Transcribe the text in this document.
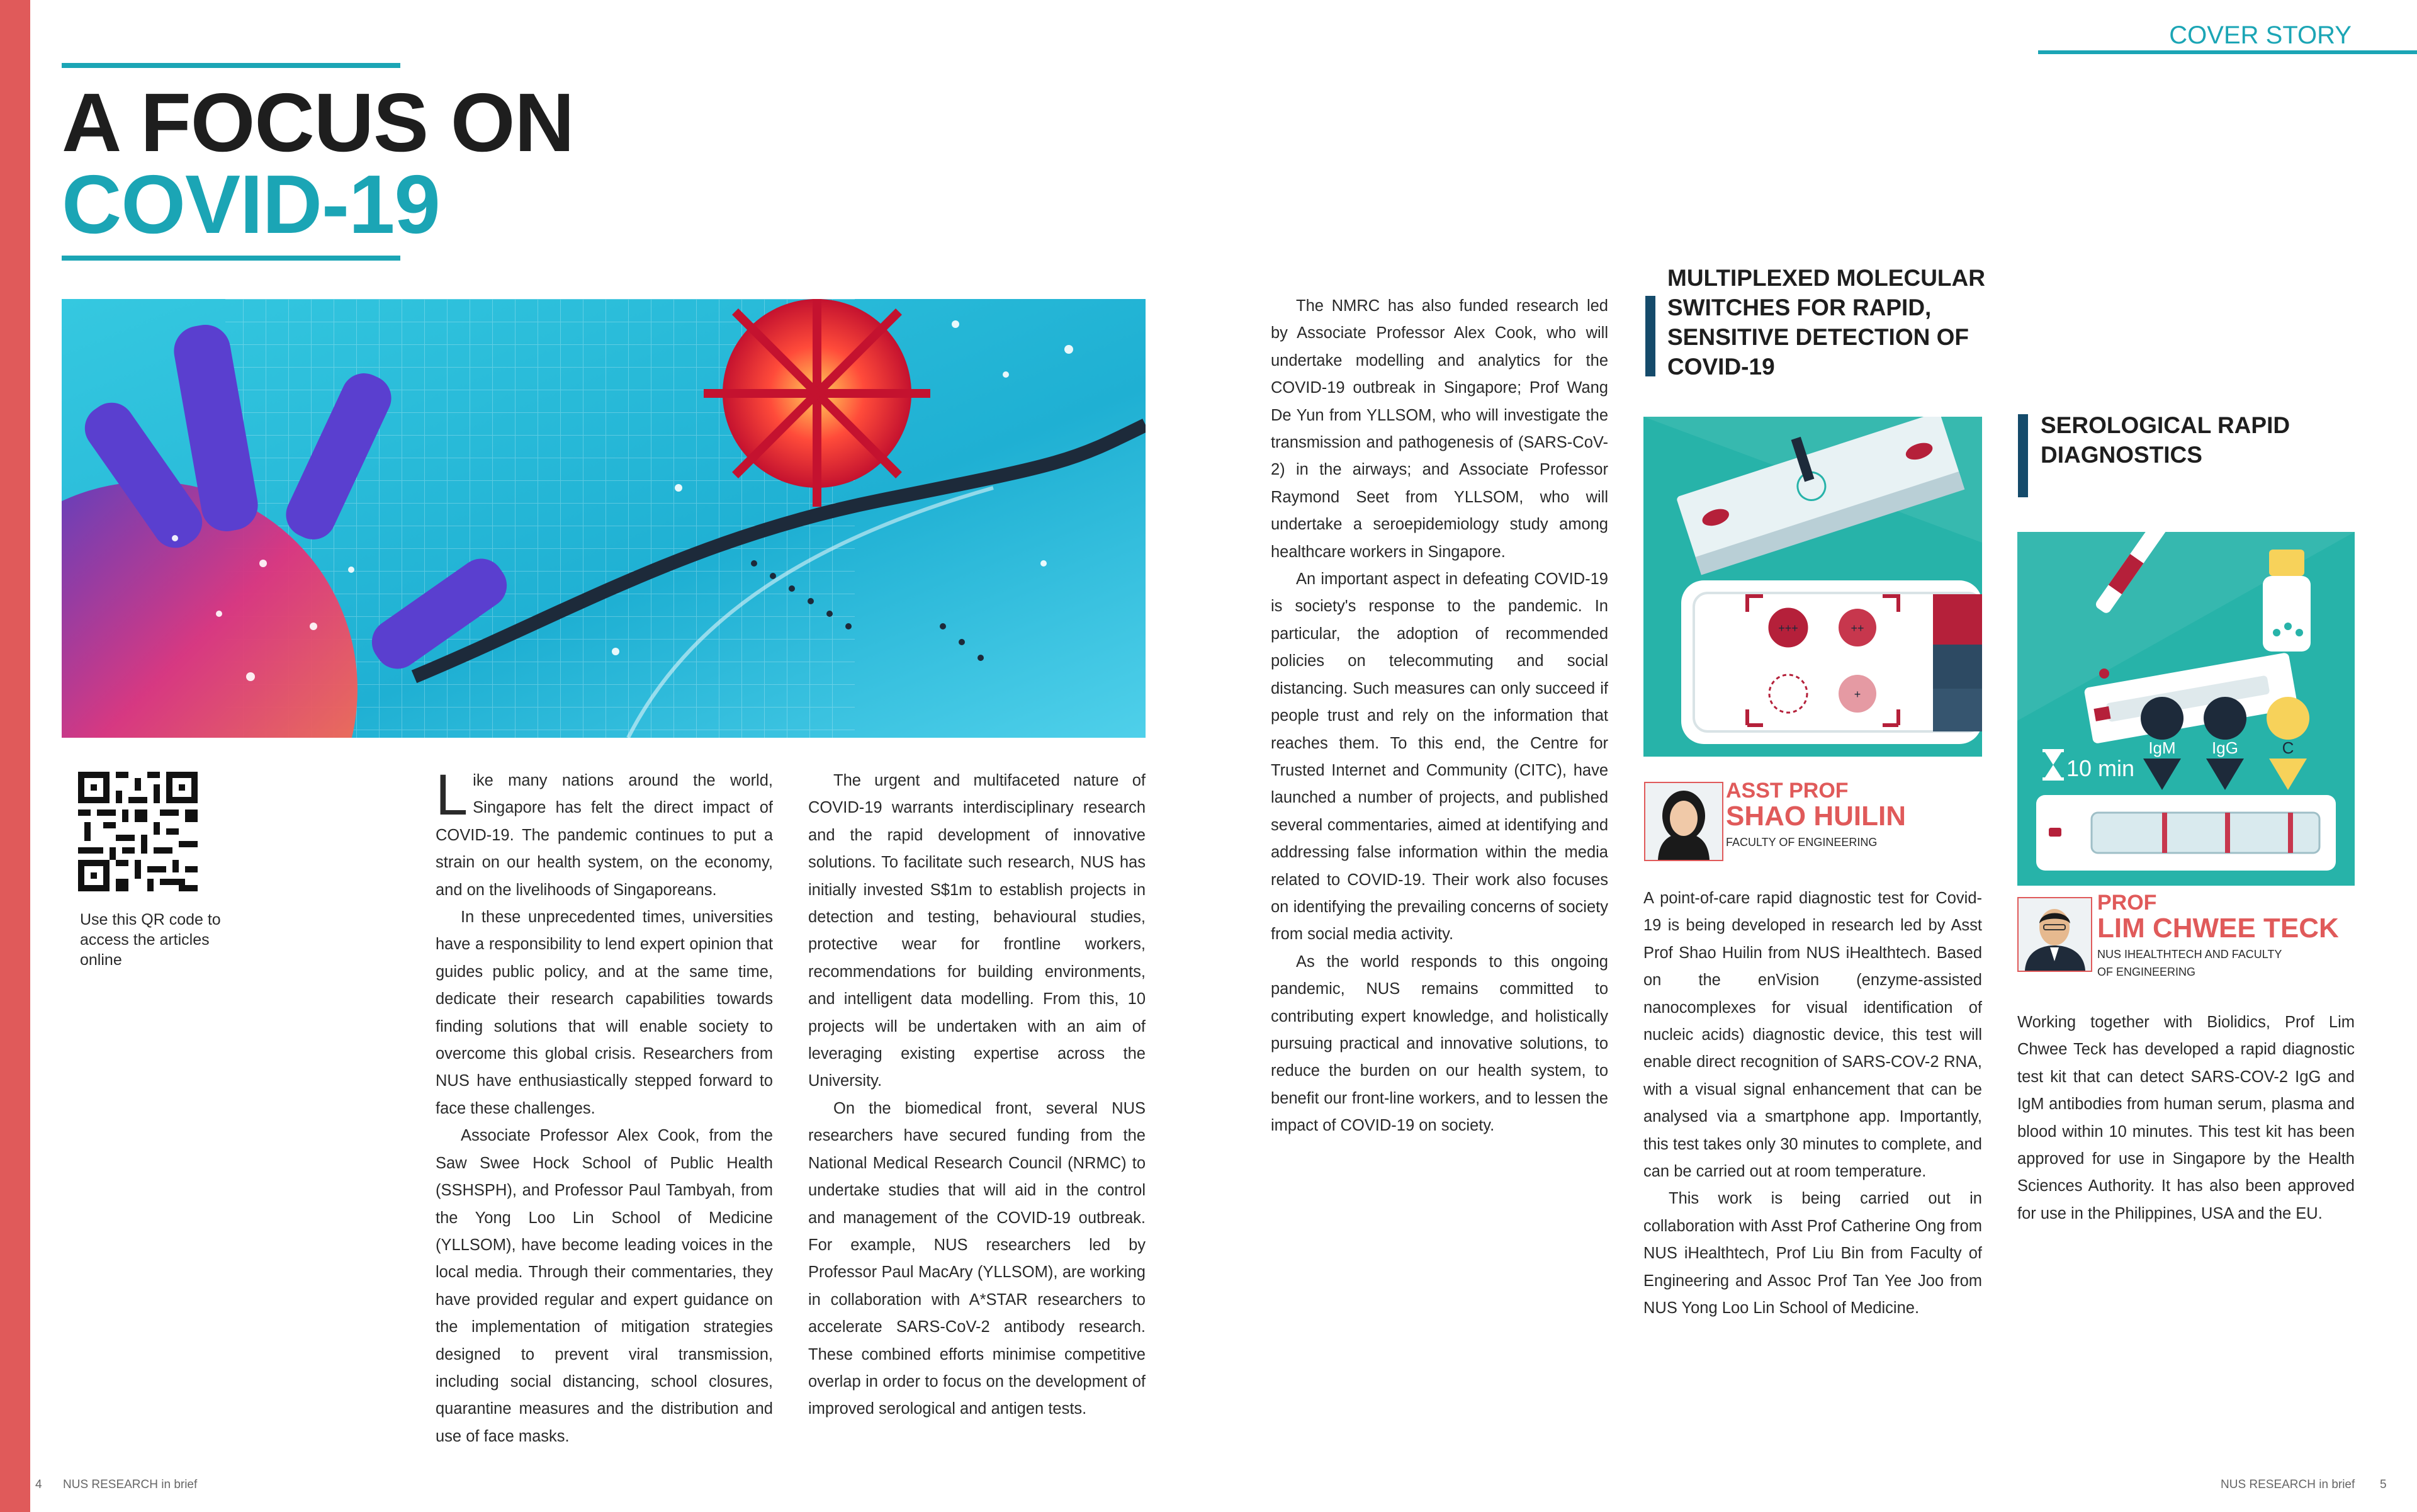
COVER STORY
A FOCUS ON
COVID-19
Use this QR code to access the articles online

Like many nations around the world, Singapore has felt the direct impact of COVID-19. The pandemic continues to put a strain on our health system, on the economy, and on the livelihoods of Singaporeans.

In these unprecedented times, universities have a responsibility to lend expert opinion that guides public policy, and at the same time, dedicate their research capabilities towards finding solutions that will enable society to overcome this global crisis. Researchers from NUS have enthusiastically stepped forward to face these challenges.

Associate Professor Alex Cook, from the Saw Swee Hock School of Public Health (SSHSPH), and Professor Paul Tambyah, from the Yong Loo Lin School of Medicine (YLLSOM), have become leading voices in the local media. Through their commentaries, they have provided regular and expert guidance on the implementation of mitigation strategies designed to prevent viral transmission, including social distancing, school closures, quarantine measures and the distribution and use of face masks.

The urgent and multifaceted nature of COVID-19 warrants interdisciplinary research and the rapid development of innovative solutions. To facilitate such research, NUS has initially invested S$1m to establish projects in detection and testing, behavioural studies, protective wear for frontline workers, recommendations for building environments, and intelligent data modelling. From this, 10 projects will be undertaken with an aim of leveraging existing expertise across the University.

On the biomedical front, several NUS researchers have secured funding from the National Medical Research Council (NRMC) to undertake studies that will aid in the control and management of the COVID-19 outbreak. For example, NUS researchers led by Professor Paul MacAry (YLLSOM), are working in collaboration with A*STAR researchers to accelerate SARS-CoV-2 antibody research. These combined efforts minimise competitive overlap in order to focus on the development of improved serological and antigen tests.

The NMRC has also funded research led by Associate Professor Alex Cook, who will undertake modelling and analytics for the COVID-19 outbreak in Singapore; Prof Wang De Yun from YLLSOM, who will investigate the transmission and pathogenesis of (SARS-CoV-2) in the airways; and Associate Professor Raymond Seet from YLLSOM, who will undertake a seroepidemiology study among healthcare workers in Singapore.

An important aspect in defeating COVID-19 is society's response to the pandemic. In particular, the adoption of recommended policies on telecommuting and social distancing. Such measures can only succeed if people trust and rely on the information that reaches them. To this end, the Centre for Trusted Internet and Community (CITC), have launched a number of projects, and published several commentaries, aimed at identifying and addressing false information within the media related to COVID-19. Their work also focuses on identifying the prevailing concerns of society from social media activity.

As the world responds to this ongoing pandemic, NUS remains committed to contributing expert knowledge, and holistically pursuing practical and innovative solutions, to reduce the burden on our health system, to benefit our front-line workers, and to lessen the impact of COVID-19 on society.

MULTIPLEXED MOLECULAR SWITCHES FOR RAPID, SENSITIVE DETECTION OF COVID-19
+++	++
+
ASST PROF
SHAO HUILIN
FACULTY OF ENGINEERING

A point-of-care rapid diagnostic test for Covid-19 is being developed in research led by Asst Prof Shao Huilin from NUS iHealthtech. Based on the enVision (enzyme-assisted nanocomplexes for visual identification of nucleic acids) diagnostic device, this test will enable direct recognition of SARS-COV-2 RNA, with a visual signal enhancement that can be analysed via a smartphone app. Importantly, this test takes only 30 minutes to complete, and can be carried out at room temperature.

This work is being carried out in collaboration with Asst Prof Catherine Ong from NUS iHealthtech, Prof Liu Bin from Faculty of Engineering and Assoc Prof Tan Yee Joo from NUS Yong Loo Lin School of Medicine.

SEROLOGICAL RAPID DIAGNOSTICS
IgM IgG	C
10 min
PROF
LIM CHWEE TECK
NUS IHEALTHTECH AND FACULTY OF ENGINEERING

Working together with Biolidics, Prof Lim Chwee Teck has developed a rapid diagnostic test kit that can detect SARS-COV-2 IgG and IgM antibodies from human serum, plasma and blood within 10 minutes. This test kit has been approved for use in Singapore by the Health Sciences Authority. It has also been approved for use in the Philippines, USA and the EU.

4 NUS RESEARCH in brief	NUS RESEARCH in brief 5
